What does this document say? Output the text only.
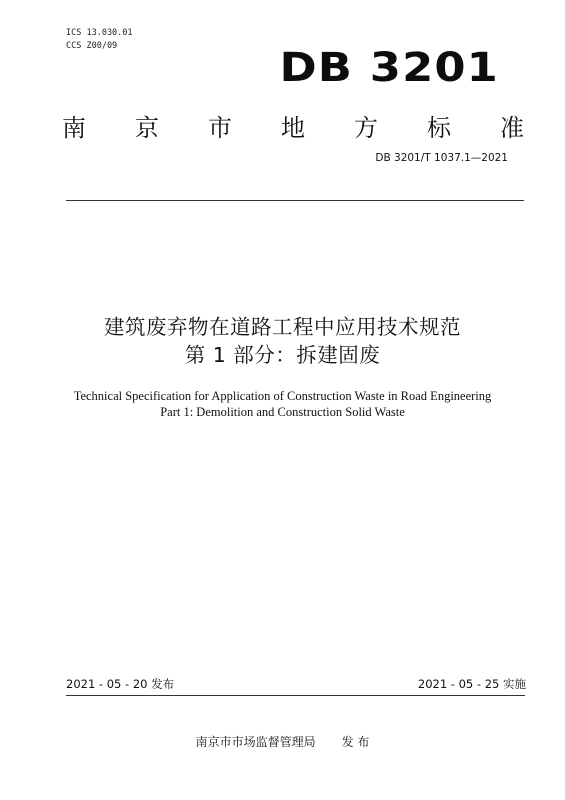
ICS 13.030.01
CCS Z00/09	DB 3201
南 京 市 地 方 标 准
DB 3201/T 1037.1—2021
建筑废弃物在道路工程中应用技术规范
第 1 部分：拆建固废
Technical Specification for Application of Construction Waste in Road Engineering
Part 1: Demolition and Construction Solid Waste
2021 - 05 - 20 发布	2021 - 05 - 25 实施
南京市市场监督管理局 发 布
